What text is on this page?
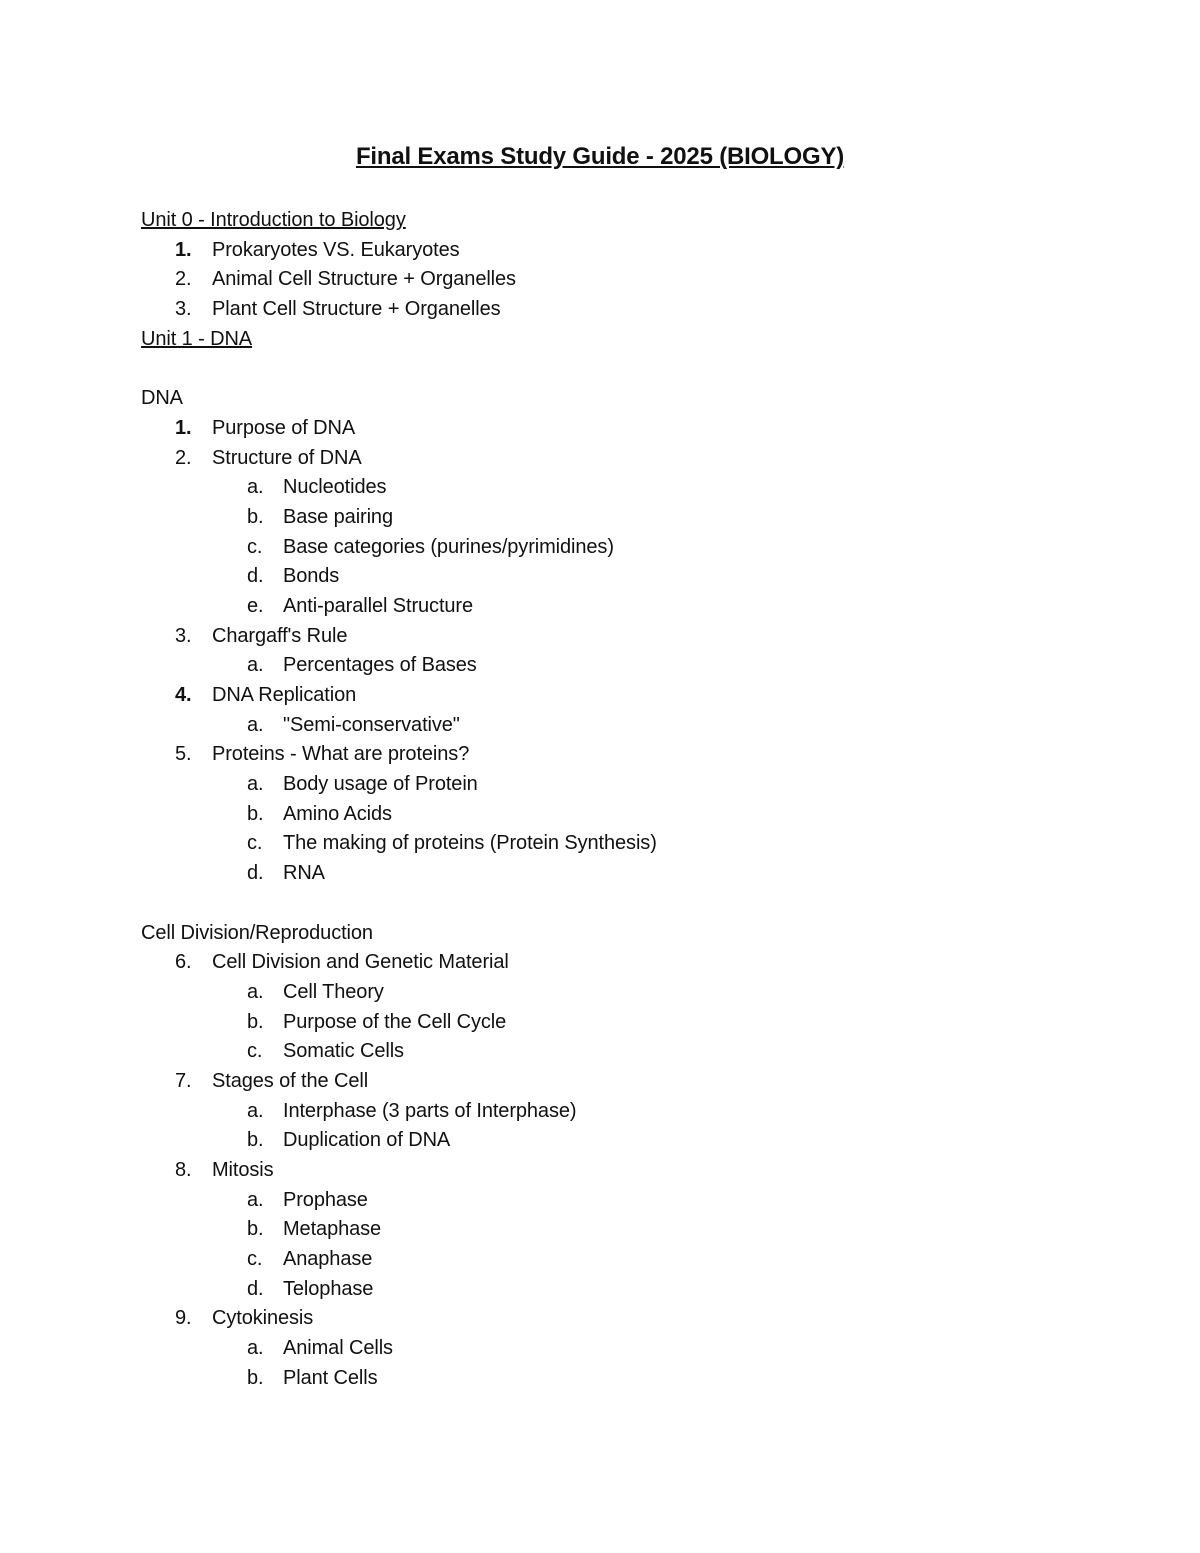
Final Exams Study Guide - 2025 (BIOLOGY)
Unit 0 - Introduction to Biology
1.	Prokaryotes VS. Eukaryotes
2.	Animal Cell Structure + Organelles
3.	Plant Cell Structure + Organelles
Unit 1 - DNA
DNA
1.	Purpose of DNA
2.	Structure of DNA
a. Nucleotides
b. Base pairing
c.	Base categories (purines/pyrimidines)
d. Bonds
e. Anti-parallel Structure
3.	Chargaff's Rule
a. Percentages of Bases
4.	DNA Replication
a. "Semi-conservative"
5.	Proteins - What are proteins?
a. Body usage of Protein
b. Amino Acids
c.	The making of proteins (Protein Synthesis)
d. RNA
Cell Division/Reproduction
6.	Cell Division and Genetic Material
a. Cell Theory
b. Purpose of the Cell Cycle
c.	Somatic Cells
7.	Stages of the Cell
a. Interphase (3 parts of Interphase)
b. Duplication of DNA
8.	Mitosis
a. Prophase
b. Metaphase
c.	Anaphase
d. Telophase
9.	Cytokinesis
a. Animal Cells
b. Plant Cells
